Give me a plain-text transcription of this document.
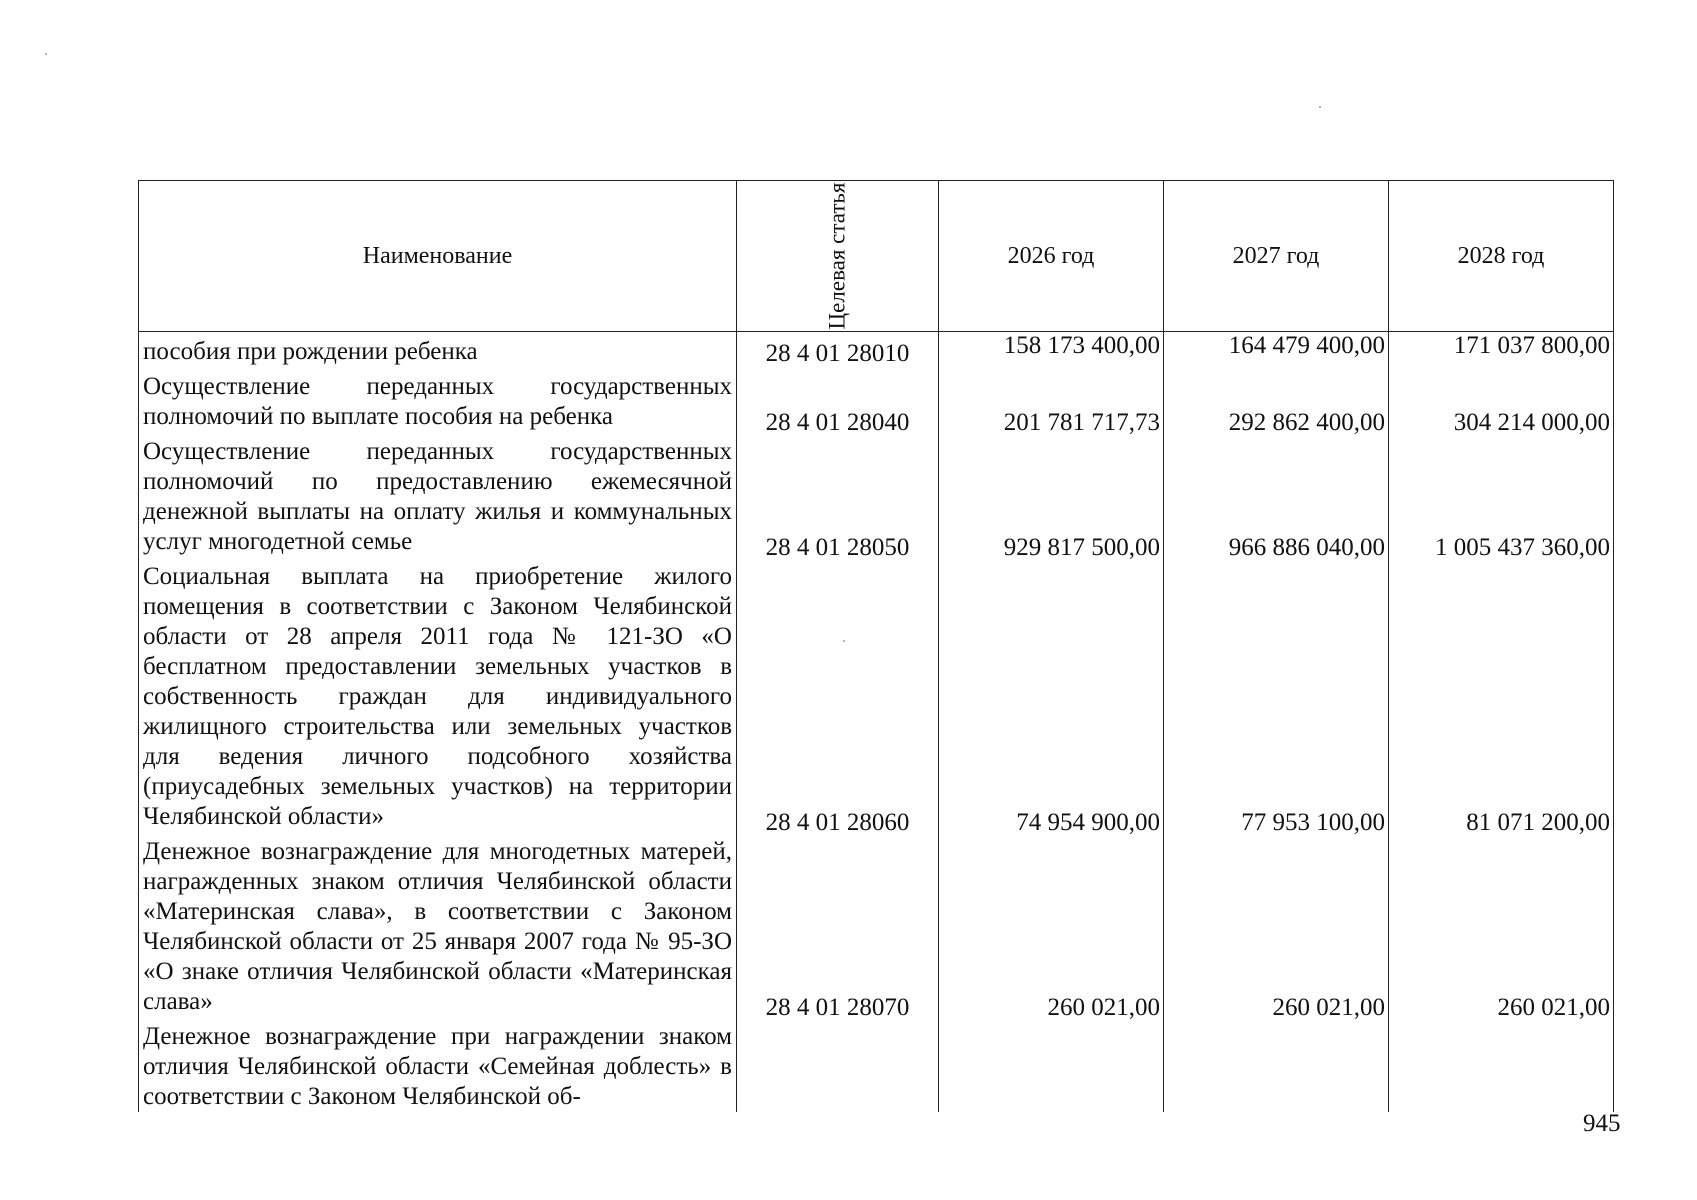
Наименование	Целевая статья	2026 год	2027 год	2028 год
пособия при рождении ребенка	28 4 01 28010	158 173 400,00	164 479 400,00	171 037 800,00
Осуществление переданных государственных полномочий по выплате пособия на ребенка	28 4 01 28040	201 781 717,73	292 862 400,00	304 214 000,00
Осуществление переданных государственных полномочий по предоставлению ежемесячной денежной выплаты на оплату жилья и коммунальных услуг многодетной семье	28 4 01 28050	929 817 500,00	966 886 040,00	1 005 437 360,00
Социальная выплата на приобретение жилого помещения в соответствии с Законом Челябинской области от 28 апреля 2011 года № 121-ЗО «О бесплатном предоставлении земельных участков в собственность граждан для индивидуального жилищного строительства или земельных участков для ведения личного подсобного хозяйства (приусадебных земельных участков) на территории Челябинской области»	28 4 01 28060	74 954 900,00	77 953 100,00	81 071 200,00
Денежное вознаграждение для многодетных матерей, награжденных знаком отличия Челябинской области «Материнская слава», в соответствии с Законом Челябинской области от 25 января 2007 года № 95-ЗО «О знаке отличия Челябинской области «Материнская слава»	28 4 01 28070	260 021,00	260 021,00	260 021,00
Денежное вознаграждение при награждении знаком отличия Челябинской области «Семейная доблесть» в соответствии с Законом Челябинской об-				
945
